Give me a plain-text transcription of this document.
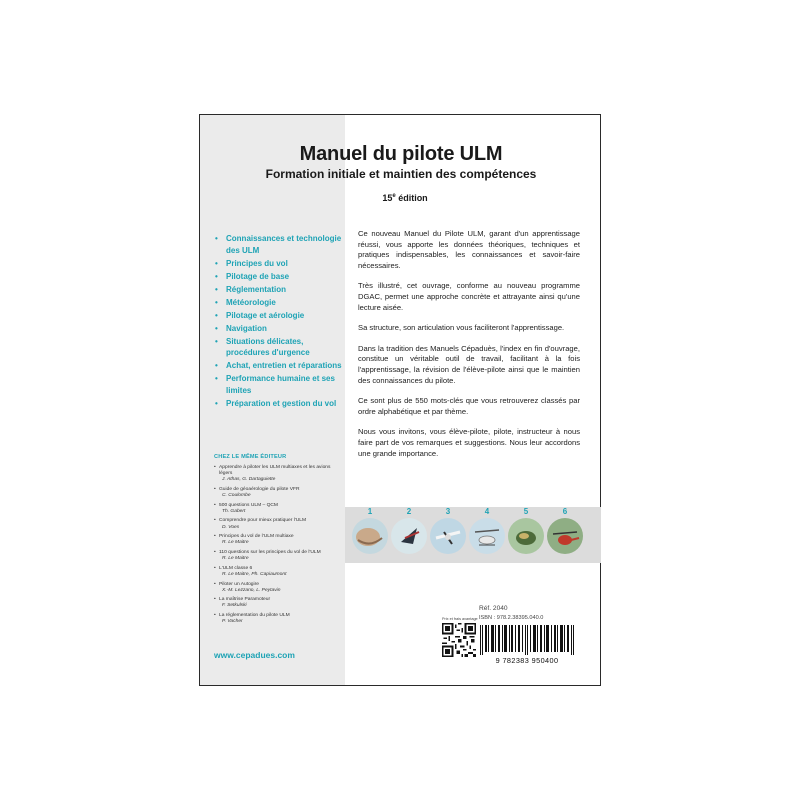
• Connaissances et technologie des ULM
• Principes du vol
• Pilotage de base
• Réglementation
• Météorologie
• Pilotage et aérologie
• Navigation
• Situations délicates, procédures d'urgence
• Achat, entretien et réparations
• Performance humaine et ses limites
• Préparation et gestion du vol
CHEZ LE MÊME ÉDITEUR
• Apprendre à piloter les ULM multiaxes et les avions légers
J. Athas, G. Dartaguiette
• Guide de géoaérologie du pilote VFR
C. Coulombe
• 500 questions ULM – QCM
Th. Gabert
• Comprendre pour mieux pratiquer l'ULM
D. Voes
• Principes du vol de l'ULM multiaxe
R. Le Maitre
• 110 questions sur les principes du vol de l'ULM
R. Le Maitre
• L'ULM classe 6
R. Le Maitre, Ph. Capiaumont
• Piloter un Autogire
X.-M. Lezzano, L. Peytavin
• La maîtrise Paramoteur
F. Setkulski
• La réglementation du pilote ULM
P. Vacher
www.cepadues.com
Manuel du pilote ULM
Formation initiale et maintien des compétences
15e édition

Ce nouveau Manuel du Pilote ULM, garant d'un apprentissage réussi, vous apporte les données théoriques, techniques et pratiques indispensables, les connaissances et savoir-faire nécessaires.

Très illustré, cet ouvrage, conforme au nouveau programme DGAC, permet une approche concrète et attrayante ainsi qu'une lecture aisée.

Sa structure, son articulation vous faciliteront l'apprentissage.

Dans la tradition des Manuels Cépaduès, l'index en fin d'ouvrage, constitue un véritable outil de travail, facilitant à la fois l'apprentissage, la révision de l'élève-pilote ainsi que le maintien des connaissances du pilote.

Ce sont plus de 550 mots-clés que vous retrouverez classés par ordre alphabétique et par thème.

Nous vous invitons, vous élève-pilote, pilote, instructeur à nous faire part de vos remarques et suggestions. Nous leur accordons une grande importance.

1	2	3	4	5	6
Réf. 2040
ISBN : 978.2.38395.040.0
Prix et frais avantage
9 782383 950400
